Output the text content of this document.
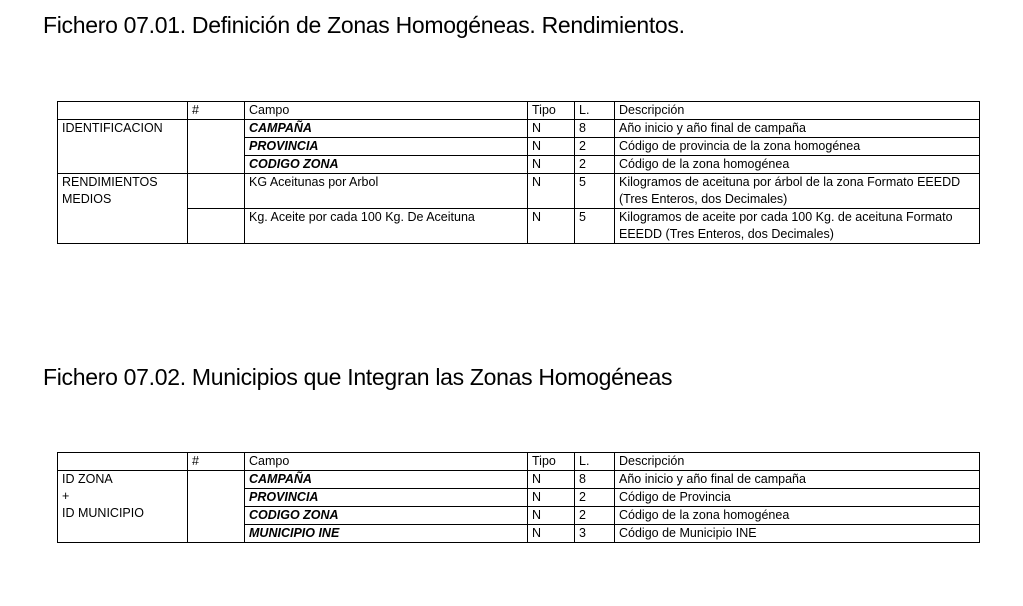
Fichero 07.01. Definición de Zonas Homogéneas. Rendimientos.
	#	Campo	Tipo	L.	Descripción
IDENTIFICACION		CAMPAÑA	N	8	Año inicio y año final de campaña
		PROVINCIA	N	2	Código de provincia de la zona homogénea
		CODIGO ZONA	N	2	Código de la zona homogénea
RENDIMIENTOS MEDIOS		KG Aceitunas por Arbol	N	5	Kilogramos de aceituna por árbol de la zona Formato EEEDD (Tres Enteros, dos Decimales)
		Kg. Aceite por cada 100 Kg. De Aceituna	N	5	Kilogramos de aceite por cada 100 Kg. de aceituna Formato EEEDD (Tres Enteros, dos Decimales)
Fichero 07.02. Municipios que Integran las Zonas Homogéneas
	#	Campo	Tipo	L.	Descripción

ID ZONA
+
ID MUNICIPIO		CAMPAÑA	N	8	Año inicio y año final de campaña
		PROVINCIA	N	2	Código de Provincia
		CODIGO ZONA	N	2	Código de la zona homogénea
		MUNICIPIO INE	N	3	Código de Municipio INE
